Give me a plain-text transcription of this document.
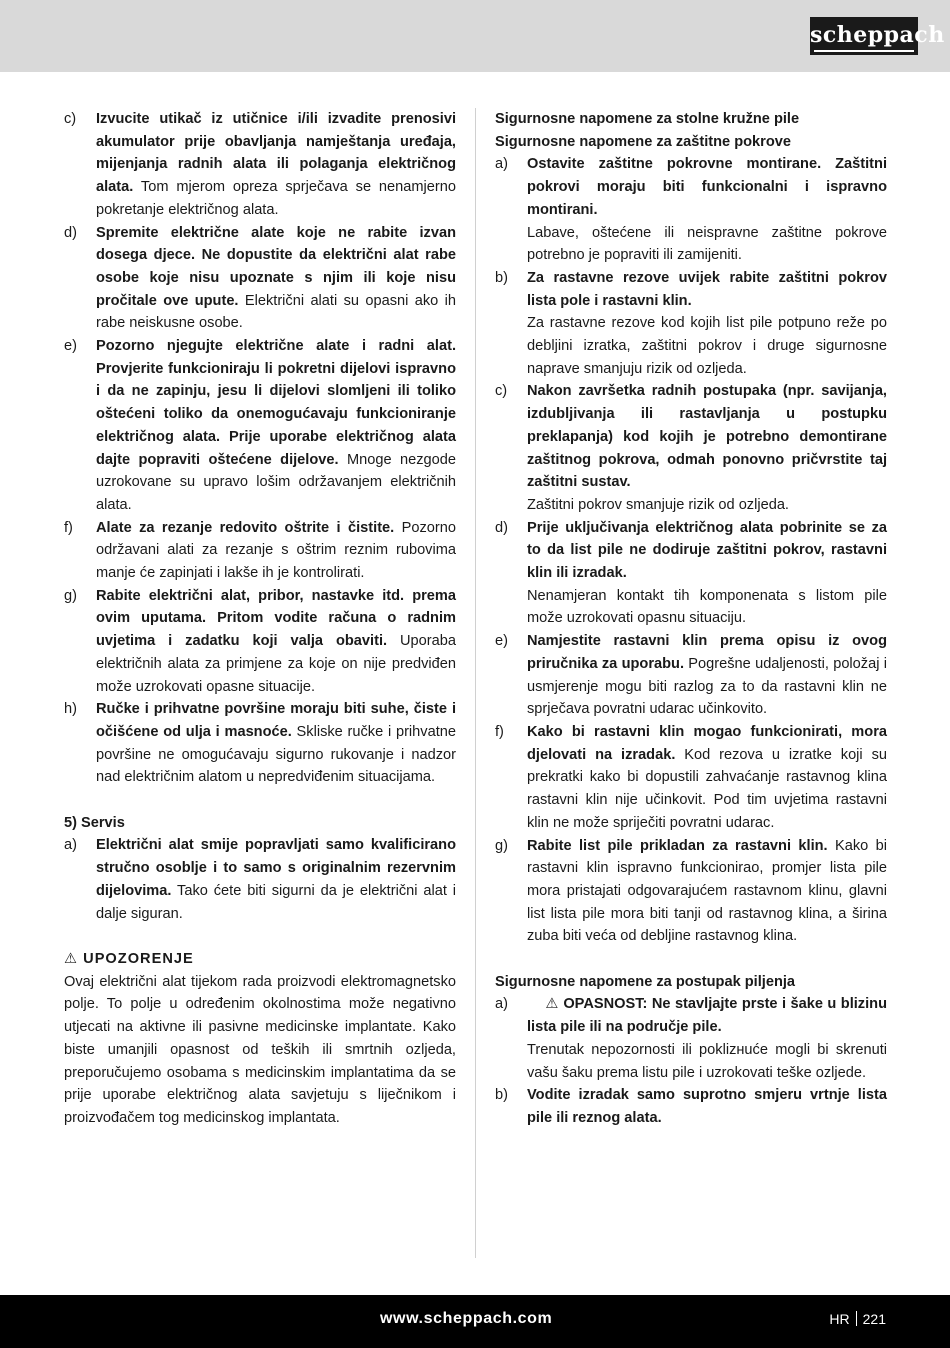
scheppach
c)	Izvucite utikač iz utičnice i/ili izvadite prenosivi akumulator prije obavljanja namještanja uređaja, mijenjanja radnih alata ili polaganja električnog alata. Tom mjerom opreza sprječava se nenamjerno pokretanje električnog alata.
d)	Spremite električne alate koje ne rabite izvan dosega djece. Ne dopustite da električni alat rabe osobe koje nisu upoznate s njim ili koje nisu pročitale ove upute. Električni alati su opasni ako ih rabe neiskusne osobe.
e)	Pozorno njegujte električne alate i radni alat. Provjerite funkcioniraju li pokretni dijelovi ispravno i da ne zapinju, jesu li dijelovi slomljeni ili toliko oštećeni toliko da onemogućavaju funkcioniranje električnog alata. Prije uporabe električnog alata dajte popraviti oštećene dijelove. Mnoge nezgode uzrokovane su upravo lošim održavanjem električnih alata.
f)	Alate za rezanje redovito oštrite i čistite. Pozorno održavani alati za rezanje s oštrim reznim rubovima manje će zapinjati i lakše ih je kontrolirati.
g)	Rabite električni alat, pribor, nastavke itd. prema ovim uputama. Pritom vodite računa o radnim uvjetima i zadatku koji valja obaviti. Uporaba električnih alata za primjene za koje on nije predviđen može uzrokovati opasne situacije.
h)	Ručke i prihvatne površine moraju biti suhe, čiste i očišćene od ulja i masnoće. Skliske ručke i prihvatne površine ne omogućavaju sigurno rukovanje i nadzor nad električnim alatom u nepredviđenim situacijama.
5) Servis
a)	Električni alat smije popravljati samo kvalificirano stručno osoblje i to samo s originalnim rezervnim dijelovima. Tako ćete biti sigurni da je električni alat i dalje siguran.
⚠ UPOZORENJE
Ovaj električni alat tijekom rada proizvodi elektromagnetsko polje. To polje u određenim okolnostima može negativno utjecati na aktivne ili pasivne medicinske implantate. Kako biste umanjili opasnost od teških ili smrtnih ozljeda, preporučujemo osobama s medicinskim implantatima da se prije uporabe električnog alata savjetuju s liječnikom i proizvođačem tog medicinskog implantata.
Sigurnosne napomene za stolne kružne pile
Sigurnosne napomene za zaštitne pokrove
a)	Ostavite zaštitne pokrovne montirane. Zaštitni pokrovi moraju biti funkcionalni i ispravno montirani.
Labave, oštećene ili neispravne zaštitne pokrove potrebno je popraviti ili zamijeniti.
b)	Za rastavne rezove uvijek rabite zaštitni pokrov lista pole i rastavni klin.
Za rastavne rezove kod kojih list pile potpuno reže po debljini izratka, zaštitni pokrov i druge sigurnosne naprave smanjuju rizik od ozljeda.
c)	Nakon završetka radnih postupaka (npr. savijanja, izdubljivanja ili rastavljanja u postupku preklapanja) kod kojih je potrebno demontirane zaštitnog pokrova, odmah ponovno pričvrstite taj zaštitni sustav.
Zaštitni pokrov smanjuje rizik od ozljeda.
d)	Prije uključivanja električnog alata pobrinite se za to da list pile ne dodiruje zaštitni pokrov, rastavni klin ili izradak.
Nenamjeran kontakt tih komponenata s listom pile može uzrokovati opasnu situaciju.
e)	Namjestite rastavni klin prema opisu iz ovog priručnika za uporabu. Pogrešne udaljenosti, položaj i usmjerenje mogu biti razlog za to da rastavni klin ne sprječava povratni udarac učinkovito.
f)	Kako bi rastavni klin mogao funkcionirati, mora djelovati na izradak. Kod rezova u izratke koji su prekratki kako bi dopustili zahvaćanje rastavnog klina rastavni klin nije učinkovit. Pod tim uvjetima rastavni klin ne može spriječiti povratni udarac.
g)	Rabite list pile prikladan za rastavni klin. Kako bi rastavni klin ispravno funkcionirao, promjer lista pile mora pristajati odgovarajućem rastavnom klinu, glavni list lista pile mora biti tanji od rastavnog klina, a širina zuba biti veća od debljine rastavnog klina.
Sigurnosne napomene za postupak piljenja
a)	⚠ OPASNOST: Ne stavljajte prste i šake u blizinu lista pile ili na područje pile.
Trenutak nepozornosti ili poklizнuće mogli bi skrenuti vašu šaku prema listu pile i uzrokovati teške ozljede.
b)	Vodite izradak samo suprotno smjeru vrtnje lista pile ili reznog alata.
www.scheppach.com	HR 221
